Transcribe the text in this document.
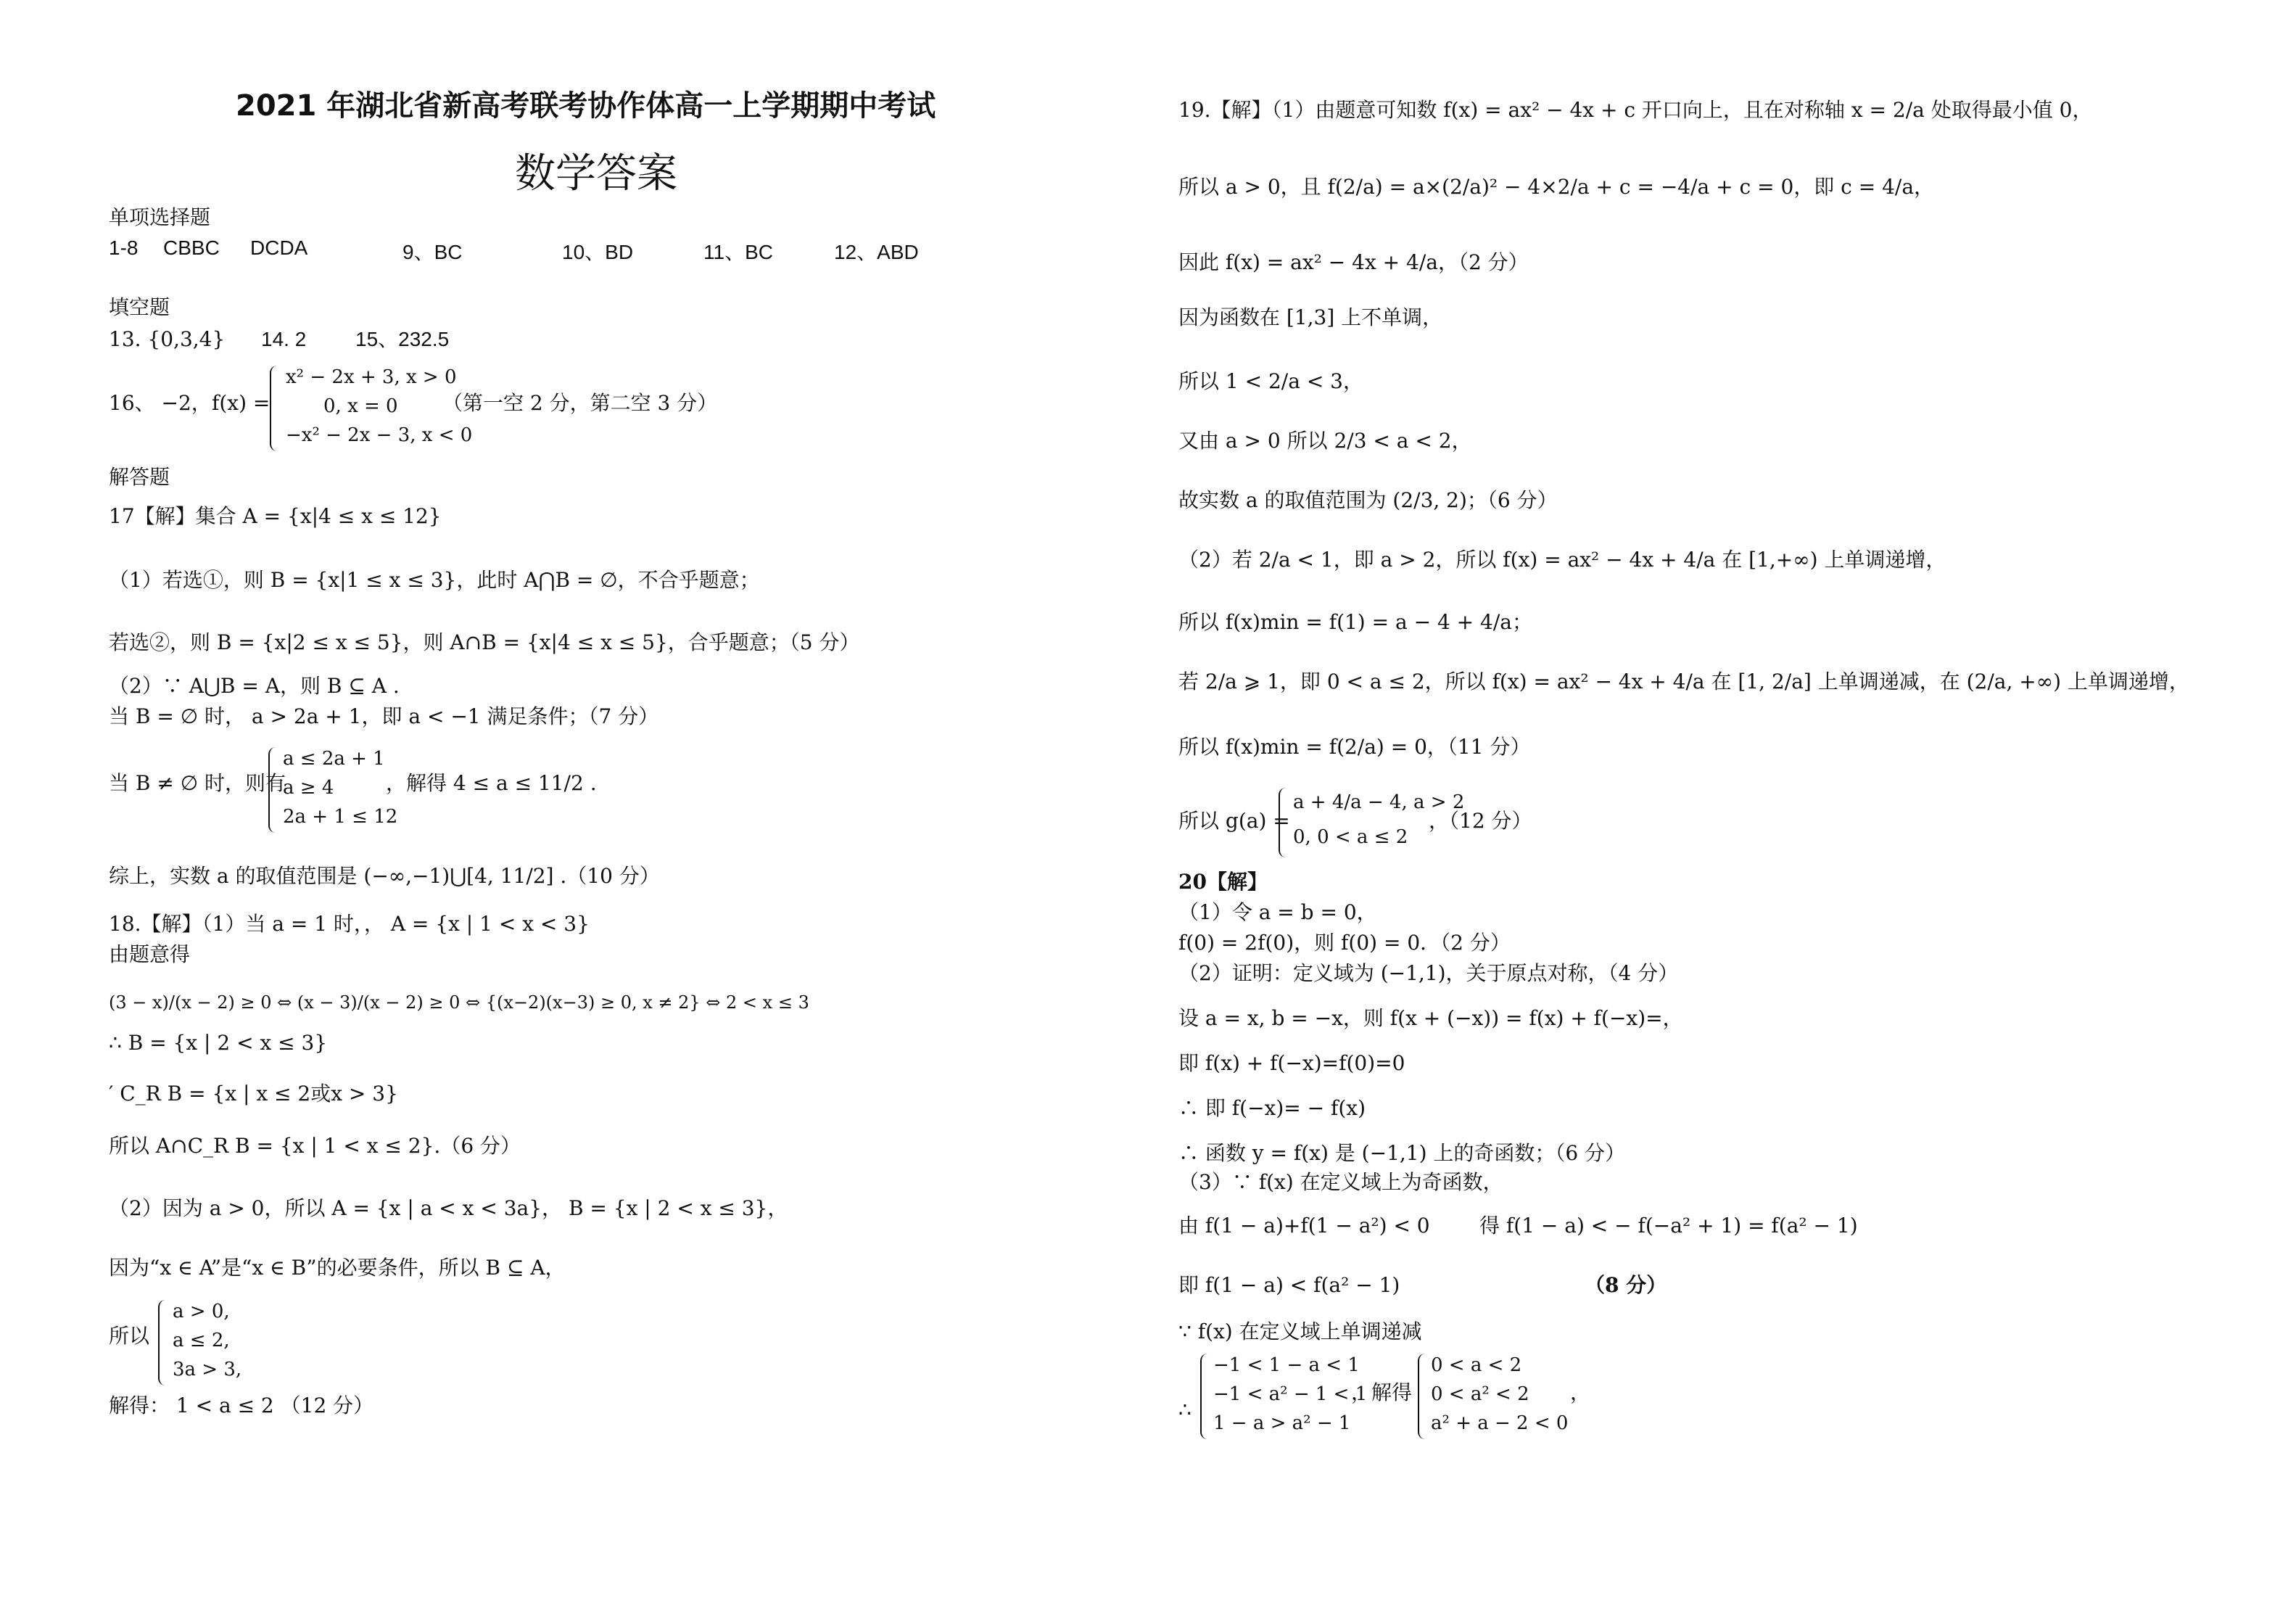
2021 年湖北省新高考联考协作体高一上学期期中考试
数学答案
单项选择题
1-8 CBBC DCDA	9、BC	10、BD	11、BC	12、ABD
填空题
13. {0,3,4} 14. 2 15、232.5
16、 −2， f(x) =
x² − 2x + 3, x > 0
0, x = 0
−x² − 2x − 3, x < 0
（第一空 2 分，第二空 3 分）
解答题
17【解】集合 A = {x|4 ≤ x ≤ 12}
（1）若选①，则 B = {x|1 ≤ x ≤ 3}，此时 A⋂B = ∅，不合乎题意；
若选②，则 B = {x|2 ≤ x ≤ 5}，则 A∩B = {x|4 ≤ x ≤ 5}，合乎题意；（5 分）
（2）∵ A⋃B = A，则 B ⊆ A .
当 B = ∅ 时， a > 2a + 1，即 a < −1 满足条件；（7 分）
当 B ≠ ∅ 时，则有
a ≤ 2a + 1
a ≥ 4
2a + 1 ≤ 12
，解得 4 ≤ a ≤ 11/2 .
综上，实数 a 的取值范围是 (−∞,−1)⋃[4, 11/2] .（10 分）
18.【解】（1）当 a = 1 时，， A = {x | 1 < x < 3}
由题意得
(3 − x)/(x − 2) ≥ 0 ⇔ (x − 3)/(x − 2) ≥ 0 ⇔ {(x−2)(x−3) ≥ 0, x ≠ 2} ⇔ 2 < x ≤ 3
∴ B = {x | 2 < x ≤ 3}
′ C_R B = {x | x ≤ 2或x > 3}
所以 A∩C_R B = {x | 1 < x ≤ 2}.（6 分）
（2）因为 a > 0，所以 A = {x | a < x < 3a}， B = {x | 2 < x ≤ 3}，
因为“x ∈ A”是“x ∈ B”的必要条件，所以 B ⊆ A，
所以
a > 0,
a ≤ 2,
3a > 3,
解得： 1 < a ≤ 2 （12 分）
19.【解】（1）由题意可知数 f(x) = ax² − 4x + c 开口向上，且在对称轴 x = 2/a 处取得最小值 0，
所以 a > 0，且 f(2/a) = a×(2/a)² − 4×2/a + c = −4/a + c = 0，即 c = 4/a，
因此 f(x) = ax² − 4x + 4/a，（2 分）
因为函数在 [1,3] 上不单调，
所以 1 < 2/a < 3，
又由 a > 0 所以 2/3 < a < 2，
故实数 a 的取值范围为 (2/3, 2)；（6 分）
（2）若 2/a < 1，即 a > 2，所以 f(x) = ax² − 4x + 4/a 在 [1,+∞) 上单调递增，
所以 f(x)min = f(1) = a − 4 + 4/a；
若 2/a ⩾ 1，即 0 < a ≤ 2，所以 f(x) = ax² − 4x + 4/a 在 [1, 2/a] 上单调递减，在 (2/a, +∞) 上单调递增，
所以 f(x)min = f(2/a) = 0，（11 分）
所以 g(a) =
a + 4/a − 4, a > 2
0, 0 < a ≤ 2
，（12 分）
20【解】
（1）令 a = b = 0，
f(0) = 2f(0)，则 f(0) = 0．（2 分）
（2）证明：定义域为 (−1,1)，关于原点对称，（4 分）
设 a = x, b = −x，则 f(x + (−x)) = f(x) + f(−x)=，
即 f(x) + f(−x)=f(0)=0
∴ 即 f(−x)= − f(x)
∴ 函数 y = f(x) 是 (−1,1) 上的奇函数；（6 分）
（3）∵ f(x) 在定义域上为奇函数，
由 f(1 − a)+f(1 − a²) < 0 得 f(1 − a) < − f(−a² + 1) = f(a² − 1)
即 f(1 − a) < f(a² − 1)	（8 分）
∵ f(x) 在定义域上单调递减
∴
−1 < 1 − a < 1
−1 < a² − 1 < 1
1 − a > a² − 1
，解得
0 < a < 2
0 < a² < 2
a² + a − 2 < 0
，
